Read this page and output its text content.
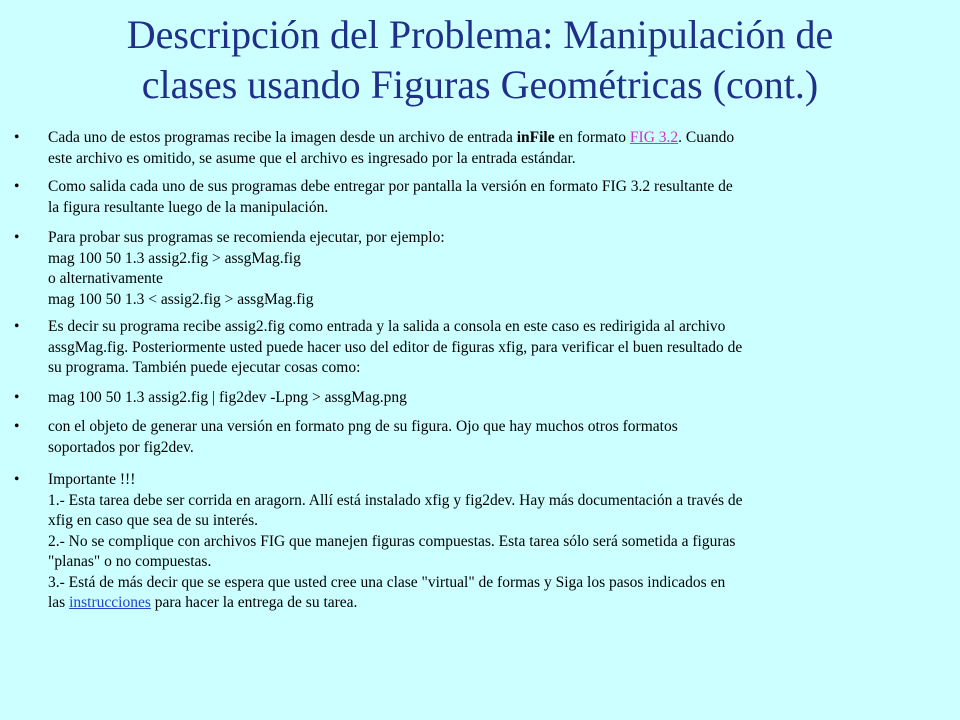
Descripción del Problema: Manipulación de
clases usando Figuras Geométricas (cont.)
• Cada uno de estos programas recibe la imagen desde un archivo de entrada inFile en formato FIG 3.2. Cuando
este archivo es omitido, se asume que el archivo es ingresado por la entrada estándar.
• Como salida cada uno de sus programas debe entregar por pantalla la versión en formato FIG 3.2 resultante de
la figura resultante luego de la manipulación.
• Para probar sus programas se recomienda ejecutar, por ejemplo:
mag 100 50 1.3 assig2.fig > assgMag.fig
o alternativamente
mag 100 50 1.3 < assig2.fig > assgMag.fig
• Es decir su programa recibe assig2.fig como entrada y la salida a consola en este caso es redirigida al archivo
assgMag.fig. Posteriormente usted puede hacer uso del editor de figuras xfig, para verificar el buen resultado de
su programa. También puede ejecutar cosas como:
• mag 100 50 1.3 assig2.fig | fig2dev -Lpng > assgMag.png
• con el objeto de generar una versión en formato png de su figura. Ojo que hay muchos otros formatos
soportados por fig2dev.
• Importante !!!
1.- Esta tarea debe ser corrida en aragorn. Allí está instalado xfig y fig2dev. Hay más documentación a través de
xfig en caso que sea de su interés.
2.- No se complique con archivos FIG que manejen figuras compuestas. Esta tarea sólo será sometida a figuras
"planas" o no compuestas.
3.- Está de más decir que se espera que usted cree una clase "virtual" de formas y Siga los pasos indicados en
las instrucciones para hacer la entrega de su tarea.
